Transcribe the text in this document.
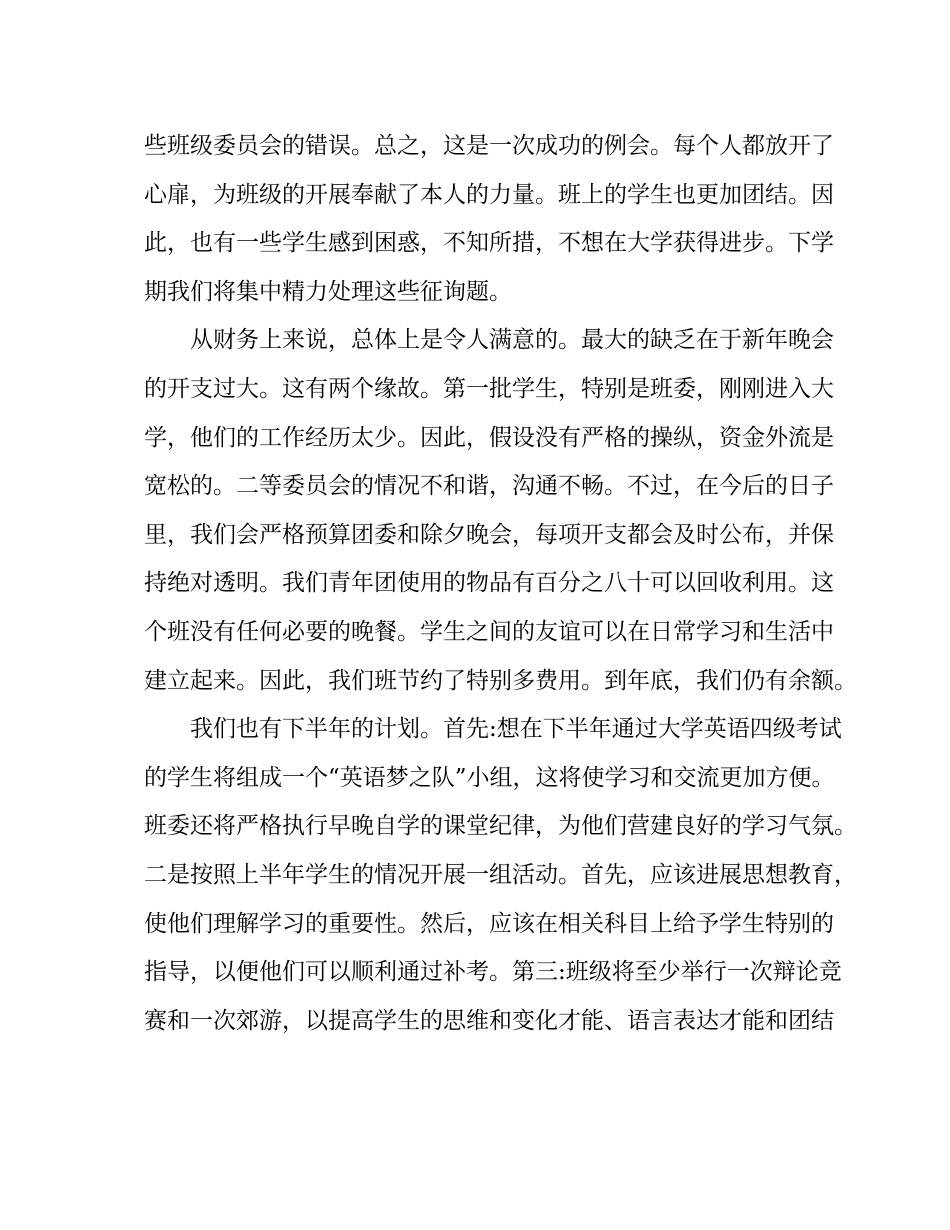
些班级委员会的错误。总之，这是一次成功的例会。每个人都放开了
心扉，为班级的开展奉献了本人的力量。班上的学生也更加团结。因
此，也有一些学生感到困惑，不知所措，不想在大学获得进步。下学
期我们将集中精力处理这些征询题。
　　从财务上来说，总体上是令人满意的。最大的缺乏在于新年晚会
的开支过大。这有两个缘故。第一批学生，特别是班委，刚刚进入大
学，他们的工作经历太少。因此，假设没有严格的操纵，资金外流是
宽松的。二等委员会的情况不和谐，沟通不畅。不过，在今后的日子
里，我们会严格预算团委和除夕晚会，每项开支都会及时公布，并保
持绝对透明。我们青年团使用的物品有百分之八十可以回收利用。这
个班没有任何必要的晚餐。学生之间的友谊可以在日常学习和生活中
建立起来。因此，我们班节约了特别多费用。到年底，我们仍有余额。
　　我们也有下半年的计划。首先:想在下半年通过大学英语四级考试
的学生将组成一个“英语梦之队”小组，这将使学习和交流更加方便。
班委还将严格执行早晚自学的课堂纪律，为他们营建良好的学习气氛。
二是按照上半年学生的情况开展一组活动。首先，应该进展思想教育，
使他们理解学习的重要性。然后，应该在相关科目上给予学生特别的
指导，以便他们可以顺利通过补考。第三:班级将至少举行一次辩论竞
赛和一次郊游，以提高学生的思维和变化才能、语言表达才能和团结
